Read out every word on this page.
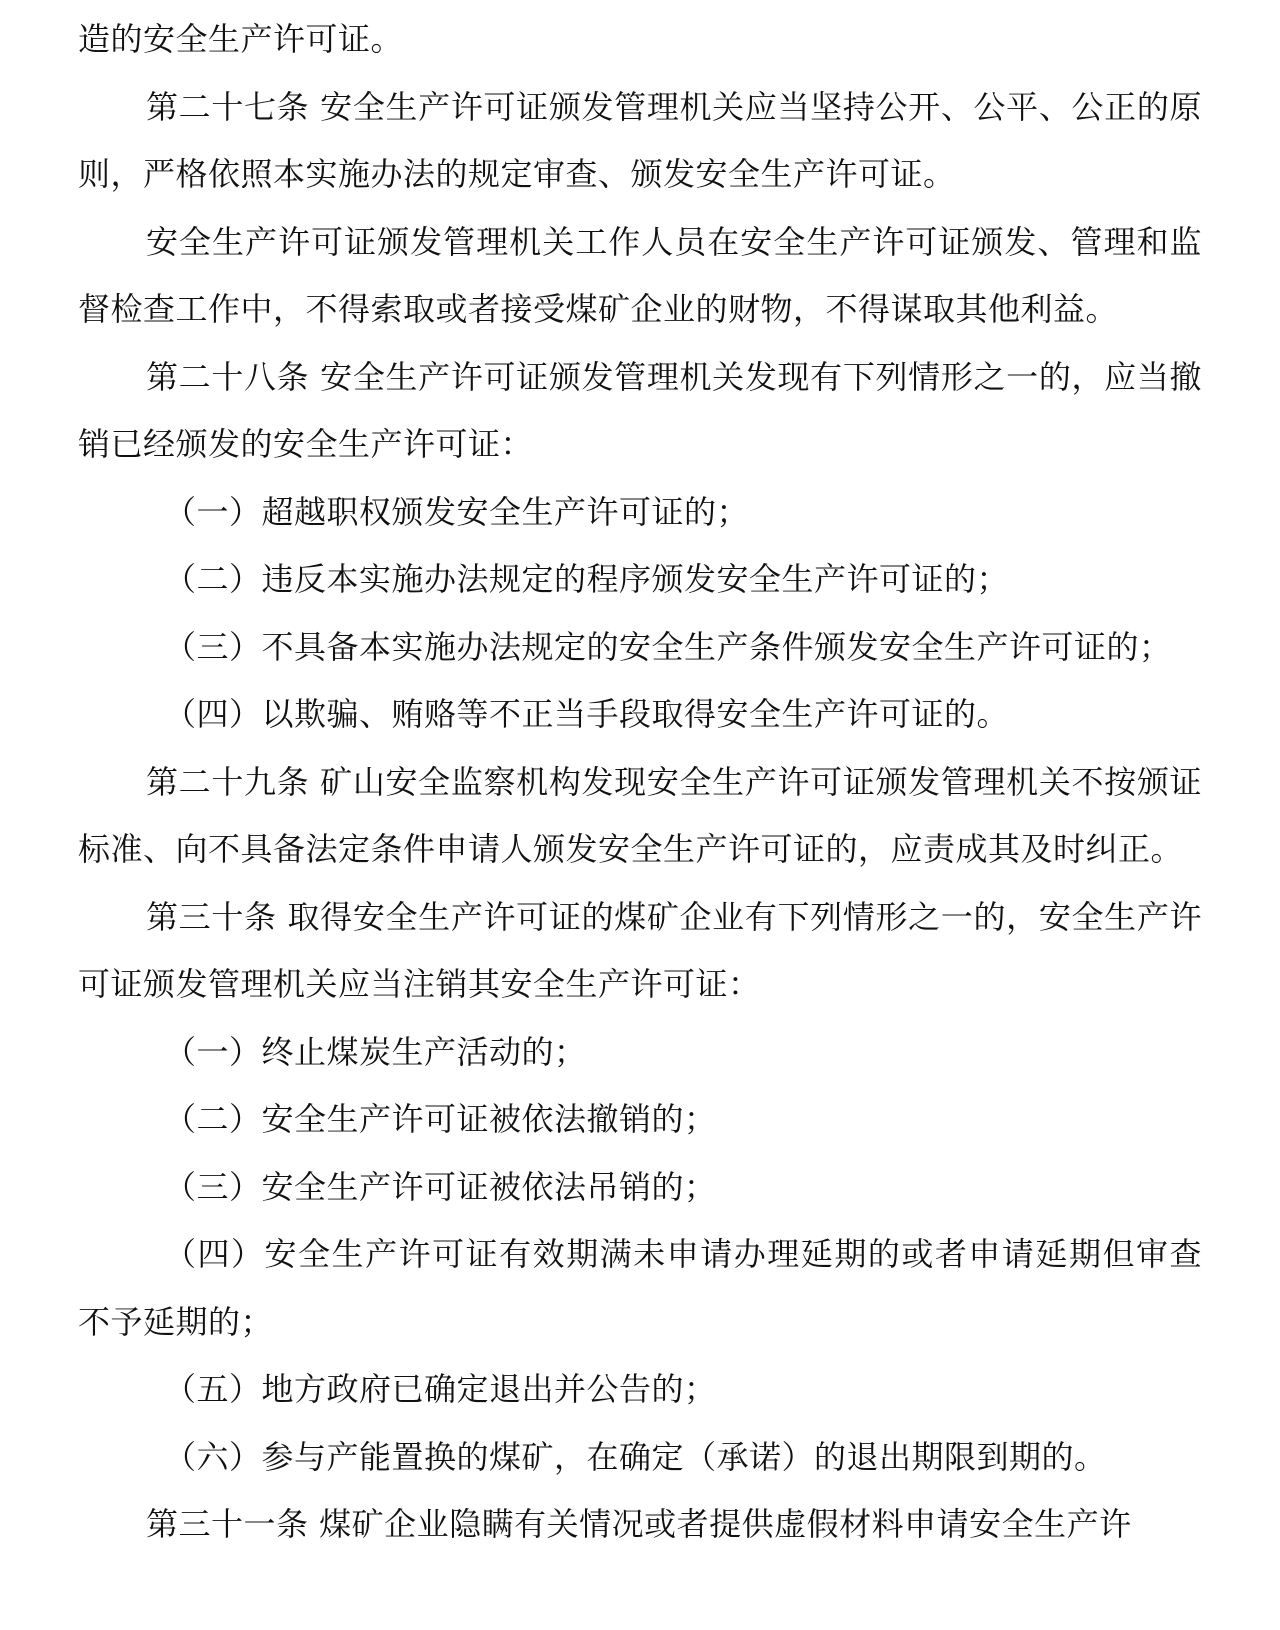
造的安全生产许可证。

第二十七条 安全生产许可证颁发管理机关应当坚持公开、公平、公正的原则，严格依照本实施办法的规定审查、颁发安全生产许可证。

安全生产许可证颁发管理机关工作人员在安全生产许可证颁发、管理和监督检查工作中，不得索取或者接受煤矿企业的财物，不得谋取其他利益。

第二十八条 安全生产许可证颁发管理机关发现有下列情形之一的，应当撤销已经颁发的安全生产许可证：

（一）超越职权颁发安全生产许可证的；

（二）违反本实施办法规定的程序颁发安全生产许可证的；

（三）不具备本实施办法规定的安全生产条件颁发安全生产许可证的；

（四）以欺骗、贿赂等不正当手段取得安全生产许可证的。

第二十九条 矿山安全监察机构发现安全生产许可证颁发管理机关不按颁证标准、向不具备法定条件申请人颁发安全生产许可证的，应责成其及时纠正。

第三十条 取得安全生产许可证的煤矿企业有下列情形之一的，安全生产许可证颁发管理机关应当注销其安全生产许可证：

（一）终止煤炭生产活动的；

（二）安全生产许可证被依法撤销的；

（三）安全生产许可证被依法吊销的；

（四）安全生产许可证有效期满未申请办理延期的或者申请延期但审查不予延期的；

（五）地方政府已确定退出并公告的；

（六）参与产能置换的煤矿，在确定（承诺）的退出期限到期的。

第三十一条 煤矿企业隐瞒有关情况或者提供虚假材料申请安全生产许
